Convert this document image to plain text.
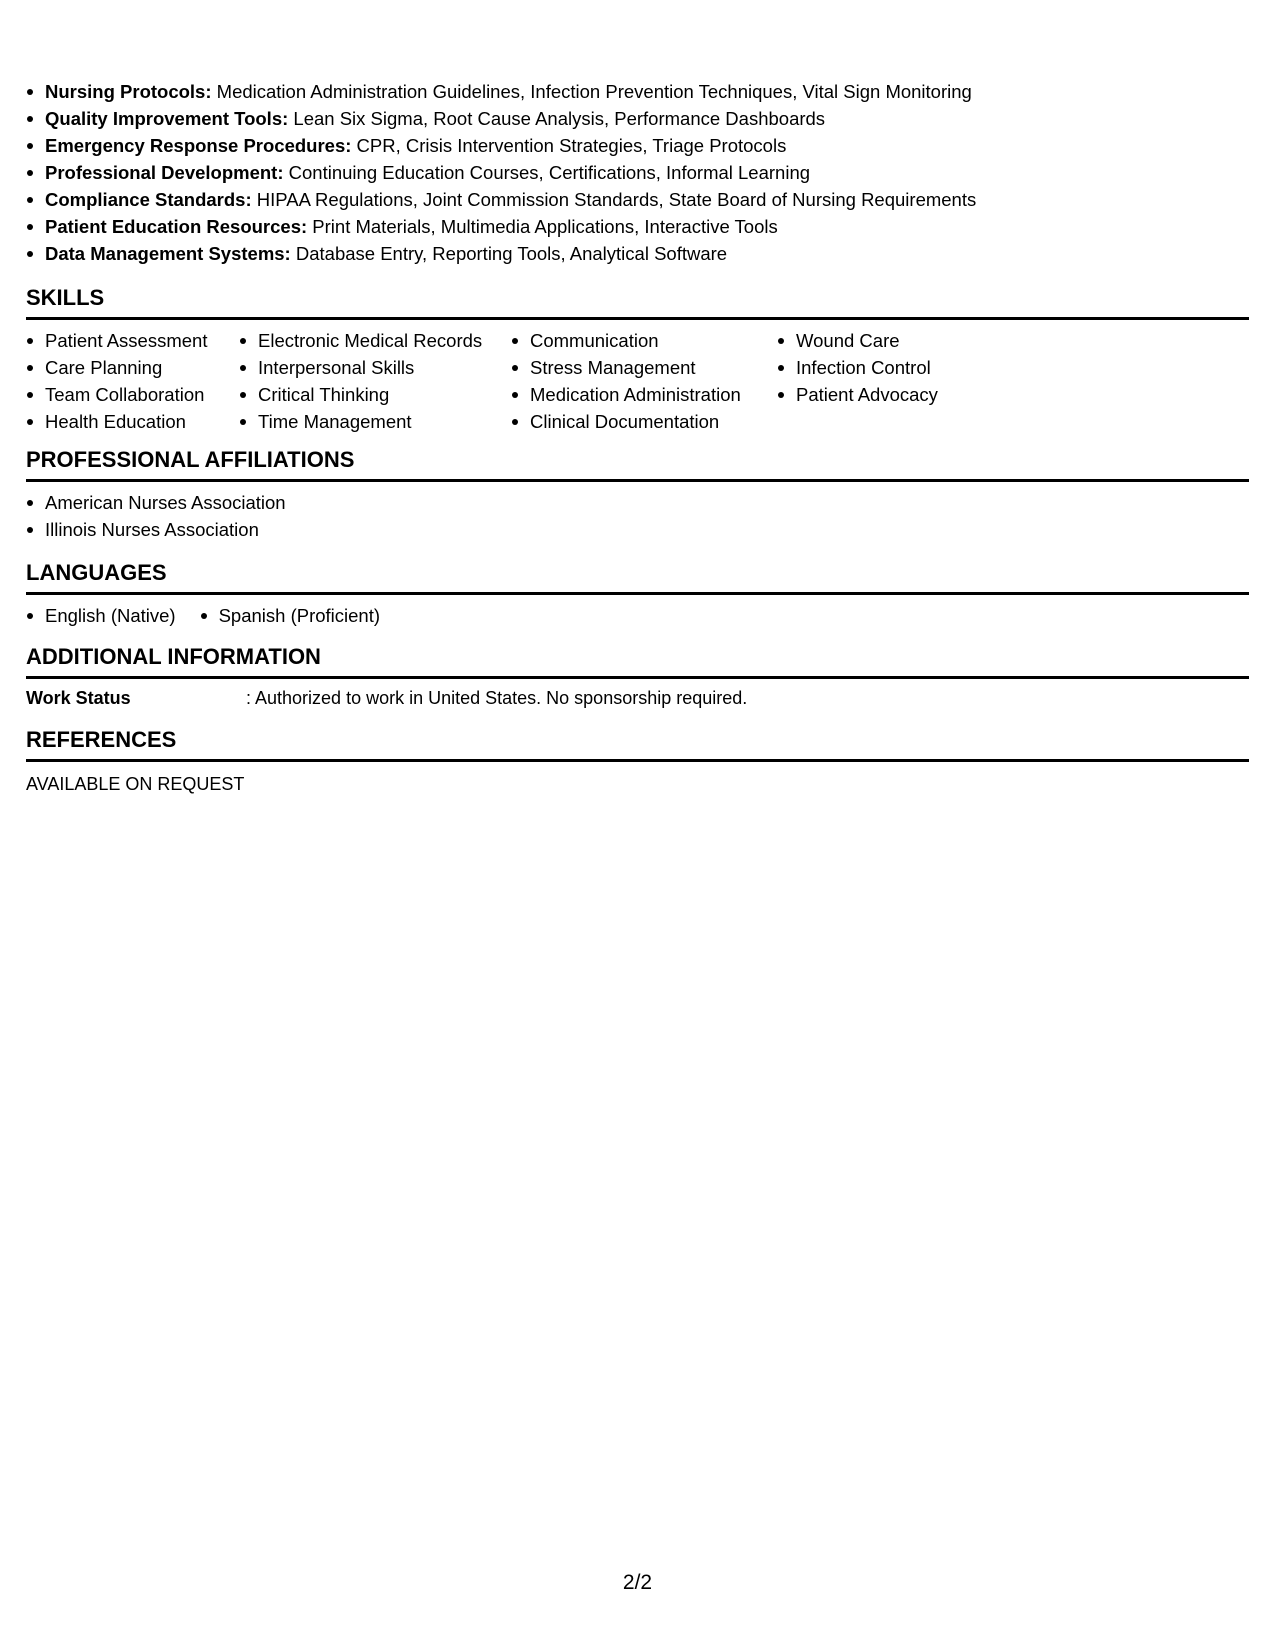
Nursing Protocols: Medication Administration Guidelines, Infection Prevention Techniques, Vital Sign Monitoring
Quality Improvement Tools: Lean Six Sigma, Root Cause Analysis, Performance Dashboards
Emergency Response Procedures: CPR, Crisis Intervention Strategies, Triage Protocols
Professional Development: Continuing Education Courses, Certifications, Informal Learning
Compliance Standards: HIPAA Regulations, Joint Commission Standards, State Board of Nursing Requirements
Patient Education Resources: Print Materials, Multimedia Applications, Interactive Tools
Data Management Systems: Database Entry, Reporting Tools, Analytical Software
SKILLS
Patient Assessment
Care Planning
Team Collaboration
Health Education
Electronic Medical Records
Interpersonal Skills
Critical Thinking
Time Management
Communication
Stress Management
Medication Administration
Clinical Documentation
Wound Care
Infection Control
Patient Advocacy
PROFESSIONAL AFFILIATIONS
American Nurses Association
Illinois Nurses Association
LANGUAGES
English (Native)	Spanish (Proficient)
ADDITIONAL INFORMATION
Work Status	: Authorized to work in United States. No sponsorship required.
REFERENCES
AVAILABLE ON REQUEST
2/2
